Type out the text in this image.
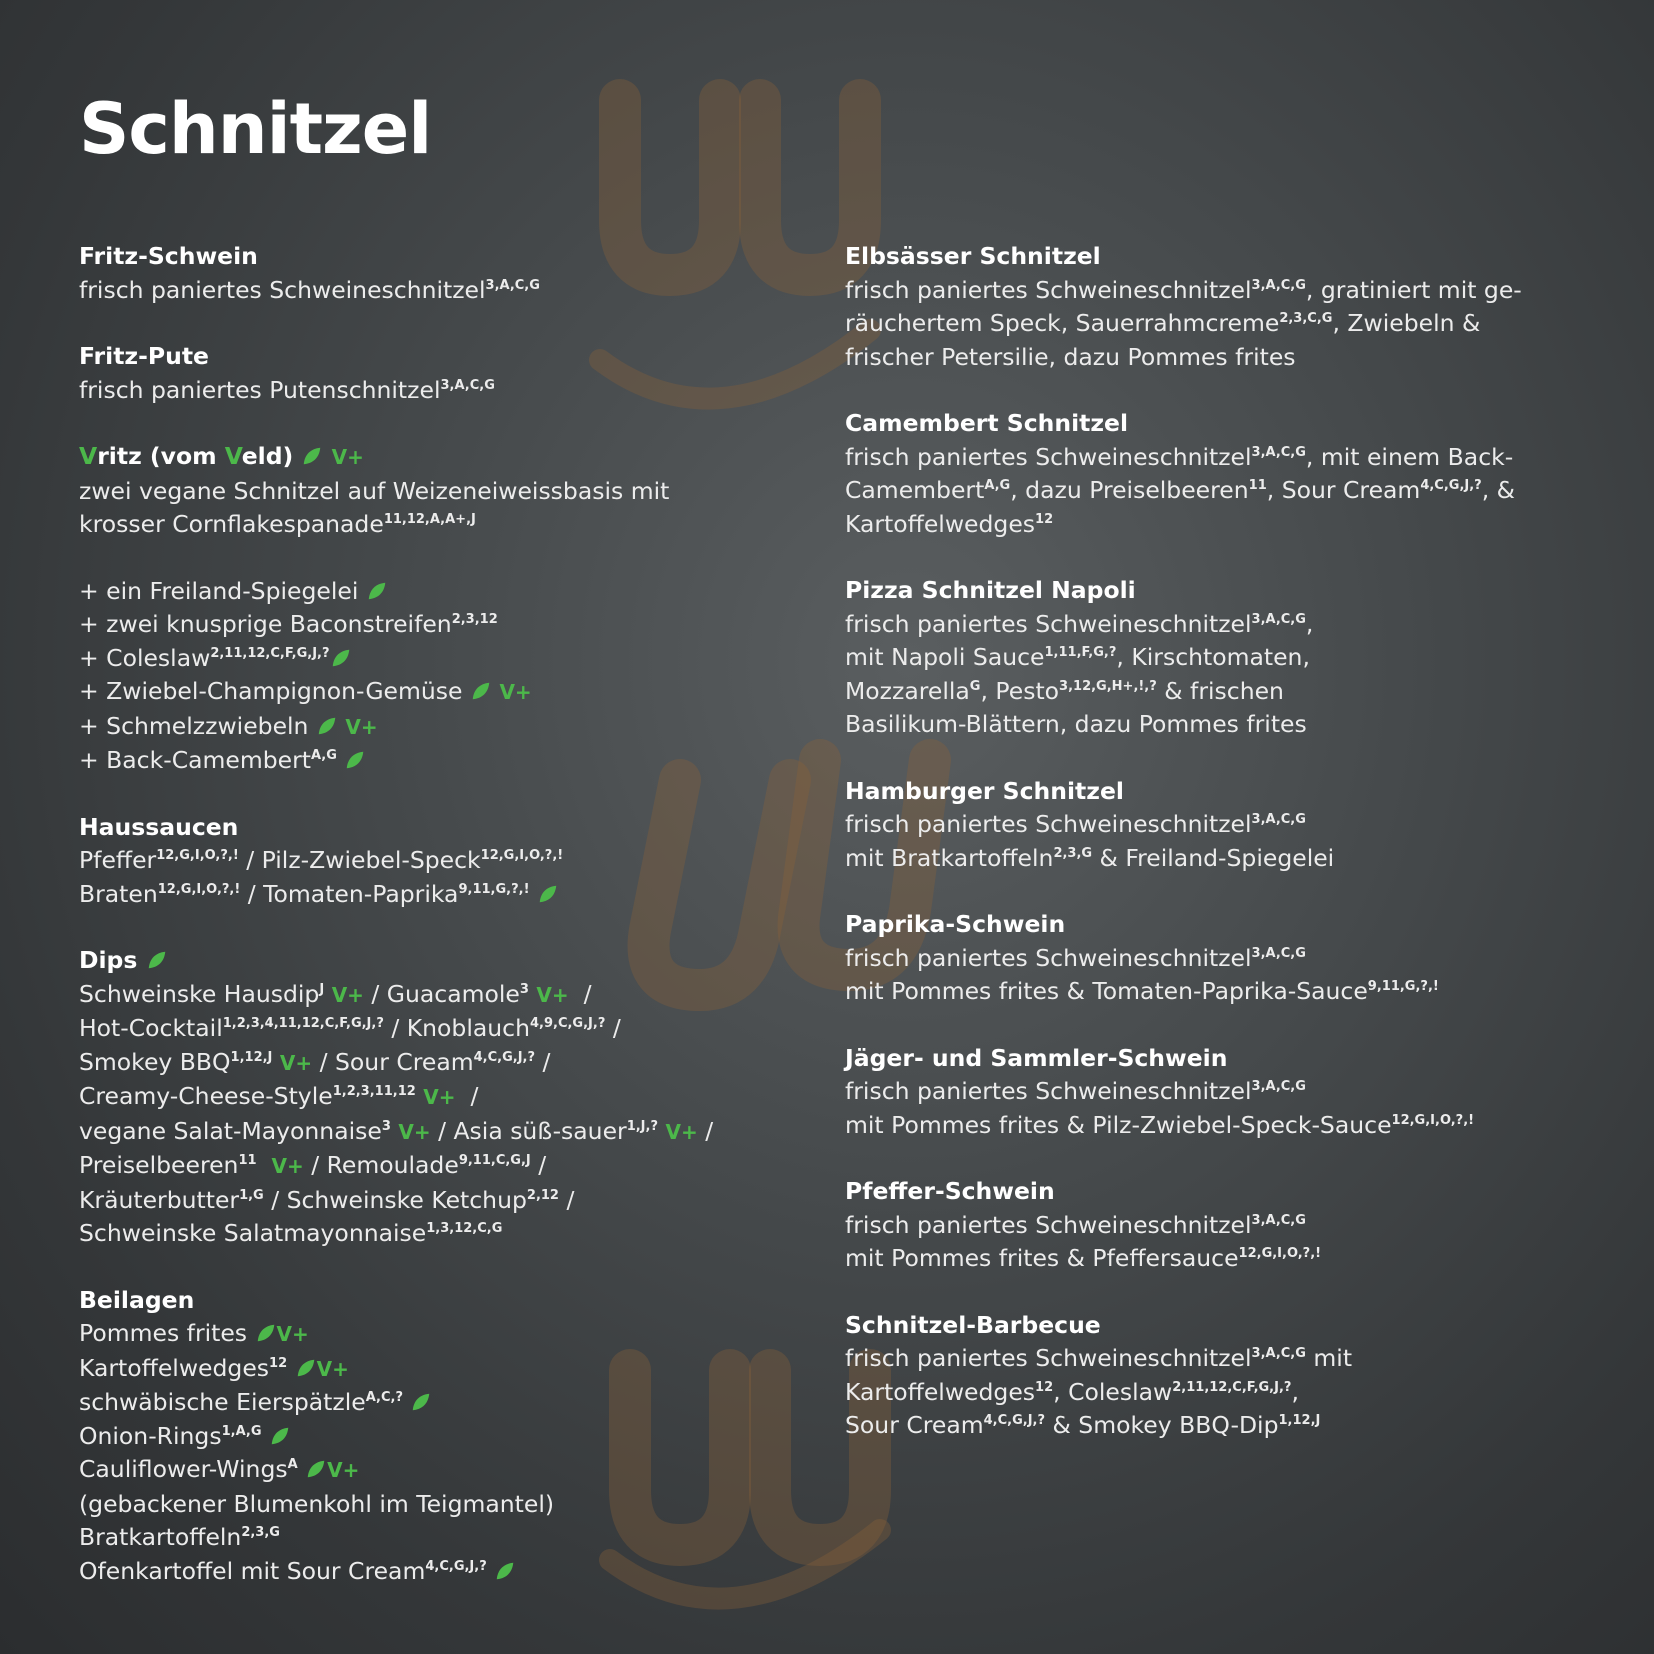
Schnitzel
Fritz-Schwein
frisch paniertes Schweineschnitzel$^{3,A,C,G}$
Fritz-Pute
frisch paniertes Putenschnitzel$^{3,A,C,G}$
Vritz (vom Veld) V+
zwei vegane Schnitzel auf Weizeneiweissbasis mit
krosser Cornflakespanade$^{11,12,A,A+,J}$
+ ein Freiland-Spiegelei
+ zwei knusprige Baconstreifen$^{2,3,12}$
+ Coleslaw$^{2,11,12,C,F,G,J,?}$
+ Zwiebel-Champignon-Gemüse V+
+ Schmelzzwiebeln V+
+ Back-Camembert$^{A,G}$
Haussaucen
Pfeffer$^{12,G,I,O,?,!}$ / Pilz-Zwiebel-Speck$^{12,G,I,O,?,!}$
Braten$^{12,G,I,O,?,!}$ / Tomaten-Paprika$^{9,11,G,?,!}$
Dips
Schweinske Hausdip$^J$ V+ / Guacamole$^3$ V+  /
Hot-Cocktail$^{1,2,3,4,11,12,C,F,G,J,?}$ / Knoblauch$^{4,9,C,G,J,?}$ /
Smokey $BBQ^{1,12,J}$ V+ / Sour Cream$^{4,C,G,J,?}$ /
Creamy-Cheese-Style$^{1,2,3,11,12}$ V+  /
vegane Salat-Mayonnaise$^3$ V+ / Asia süß-sauer$^{1,J,?}$ V+ /
Preiselbeeren$^{11}$ V+ / Remoulade$^{9,11,C,G,J}$ /
Kräuterbutter$^{1,G}$ / Schweinske Ketchup$^{2,12}$ /
Schweinske Salatmayonnaise$^{1,3,12,C,G}$
Beilagen
Pommes frites V+
Kartoffelwedges$^{12}$ V+
schwäbische Eierspätzle$^{A,C,?}$
Onion-Rings$^{1,A,G}$
Cauliflower-Wings$^A$ V+
(gebackener Blumenkohl im Teigmantel)
Bratkartoffeln$^{2,3,G}$
Ofenkartoffel mit Sour Cream$^{4,C,G,J,?}$
Elbsässer Schnitzel
frisch paniertes Schweineschnitzel$^{3,A,C,G}$, gratiniert mit ge-
räuchertem Speck, Sauerrahmcreme$^{2,3,C,G}$, Zwiebeln &
frischer Petersilie, dazu Pommes frites
Camembert Schnitzel
frisch paniertes Schweineschnitzel$^{3,A,C,G}$, mit einem Back-
Camembert$^{A,G}$, dazu Preiselbeeren$^{11}$, Sour Cream$^{4,C,G,J,?}$, &
Kartoffelwedges$^{12}$
Pizza Schnitzel Napoli
frisch paniertes Schweineschnitzel$^{3,A,C,G}$,
mit Napoli Sauce$^{1,11,F,G,?}$, Kirschtomaten,
Mozzarella$^G$, Pesto$^{3,12,G,H+,!,?}$ & frischen
Basilikum-Blättern, dazu Pommes frites
Hamburger Schnitzel
frisch paniertes Schweineschnitzel$^{3,A,C,G}$
mit Bratkartoffeln$^{2,3,G}$ & Freiland-Spiegelei
Paprika-Schwein
frisch paniertes Schweineschnitzel$^{3,A,C,G}$
mit Pommes frites & Tomaten-Paprika-Sauce$^{9,11,G,?,!}$
Jäger- und Sammler-Schwein
frisch paniertes Schweineschnitzel$^{3,A,C,G}$
mit Pommes frites & Pilz-Zwiebel-Speck-Sauce$^{12,G,I,O,?,!}$
Pfeffer-Schwein
frisch paniertes Schweineschnitzel$^{3,A,C,G}$
mit Pommes frites & Pfeffersauce$^{12,G,I,O,?,!}$
Schnitzel-Barbecue
frisch paniertes Schweineschnitzel$^{3,A,C,G}$ mit
Kartoffelwedges$^{12}$, Coleslaw$^{2,11,12,C,F,G,J,?}$,
Sour Cream$^{4,C,G,J,?}$ & Smokey BBQ-Dip$^{1,12,J}$
